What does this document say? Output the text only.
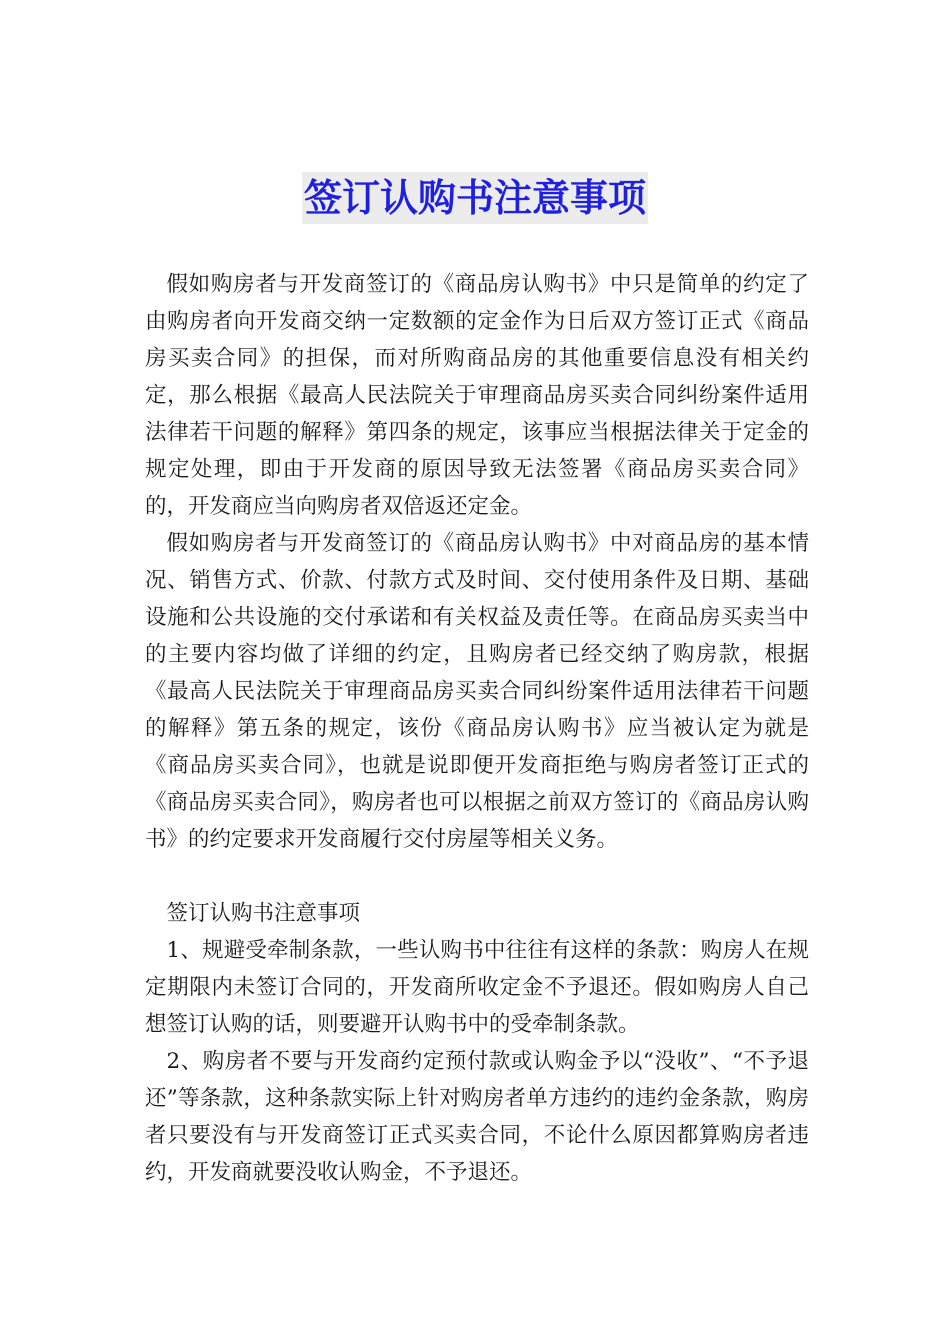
签订认购书注意事项

假如购房者与开发商签订的《商品房认购书》中只是简单的约定了由购房者向开发商交纳一定数额的定金作为日后双方签订正式《商品房买卖合同》的担保，而对所购商品房的其他重要信息没有相关约定，那么根据《最高人民法院关于审理商品房买卖合同纠纷案件适用法律若干问题的解释》第四条的规定，该事应当根据法律关于定金的规定处理，即由于开发商的原因导致无法签署《商品房买卖合同》的，开发商应当向购房者双倍返还定金。

假如购房者与开发商签订的《商品房认购书》中对商品房的基本情况、销售方式、价款、付款方式及时间、交付使用条件及日期、基础设施和公共设施的交付承诺和有关权益及责任等。在商品房买卖当中的主要内容均做了详细的约定，且购房者已经交纳了购房款，根据《最高人民法院关于审理商品房买卖合同纠纷案件适用法律若干问题的解释》第五条的规定，该份《商品房认购书》应当被认定为就是《商品房买卖合同》，也就是说即便开发商拒绝与购房者签订正式的《商品房买卖合同》，购房者也可以根据之前双方签订的《商品房认购书》的约定要求开发商履行交付房屋等相关义务。

签订认购书注意事项

1、规避受牵制条款，一些认购书中往往有这样的条款：购房人在规定期限内未签订合同的，开发商所收定金不予退还。假如购房人自己想签订认购的话，则要避开认购书中的受牵制条款。

2、购房者不要与开发商约定预付款或认购金予以“没收”、“不予退还”等条款，这种条款实际上针对购房者单方违约的违约金条款，购房者只要没有与开发商签订正式买卖合同，不论什么原因都算购房者违约，开发商就要没收认购金，不予退还。
